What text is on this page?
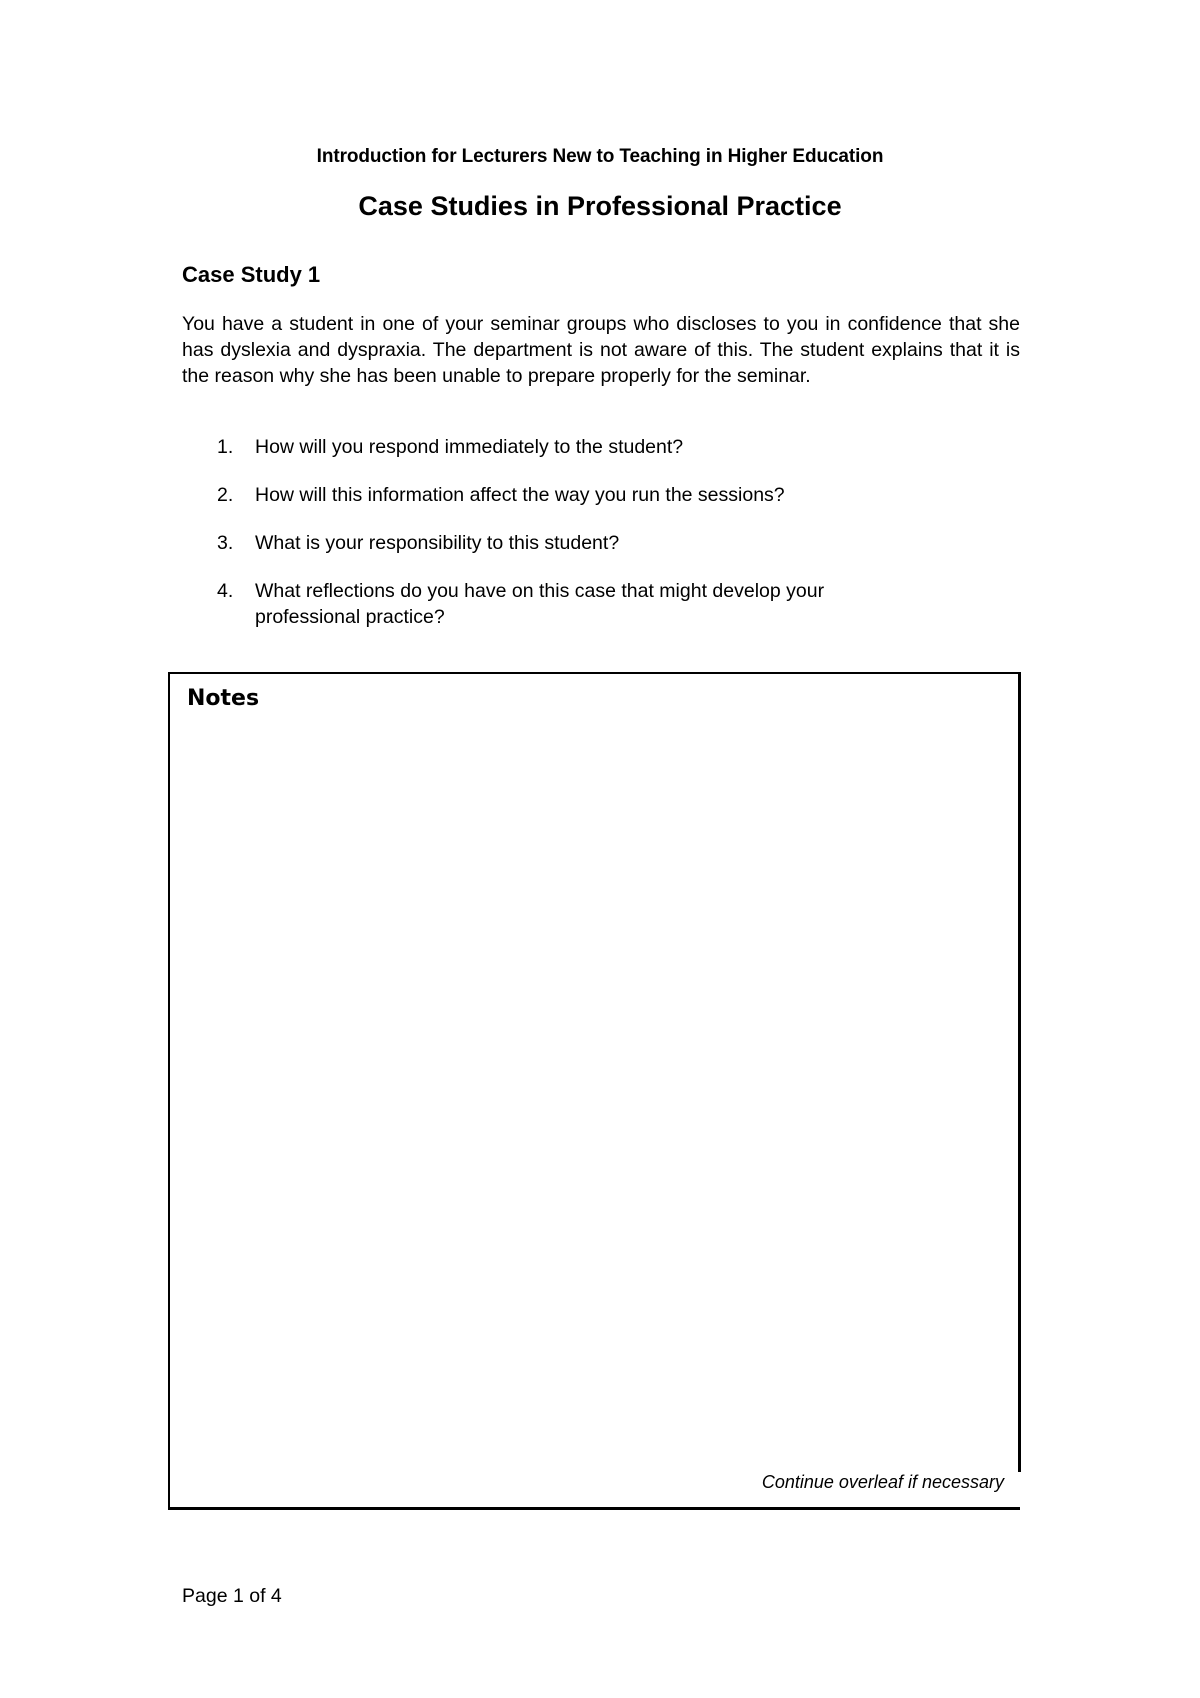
Introduction for Lecturers New to Teaching in Higher Education
Case Studies in Professional Practice
Case Study 1
You have a student in one of your seminar groups who discloses to you in confidence that she has dyslexia and dyspraxia. The department is not aware of this. The student explains that it is the reason why she has been unable to prepare properly for the seminar.
1. How will you respond immediately to the student?
2. How will this information affect the way you run the sessions?
3. What is your responsibility to this student?
4. What reflections do you have on this case that might develop your professional practice?
Notes
Continue overleaf if necessary
Page 1 of 4
